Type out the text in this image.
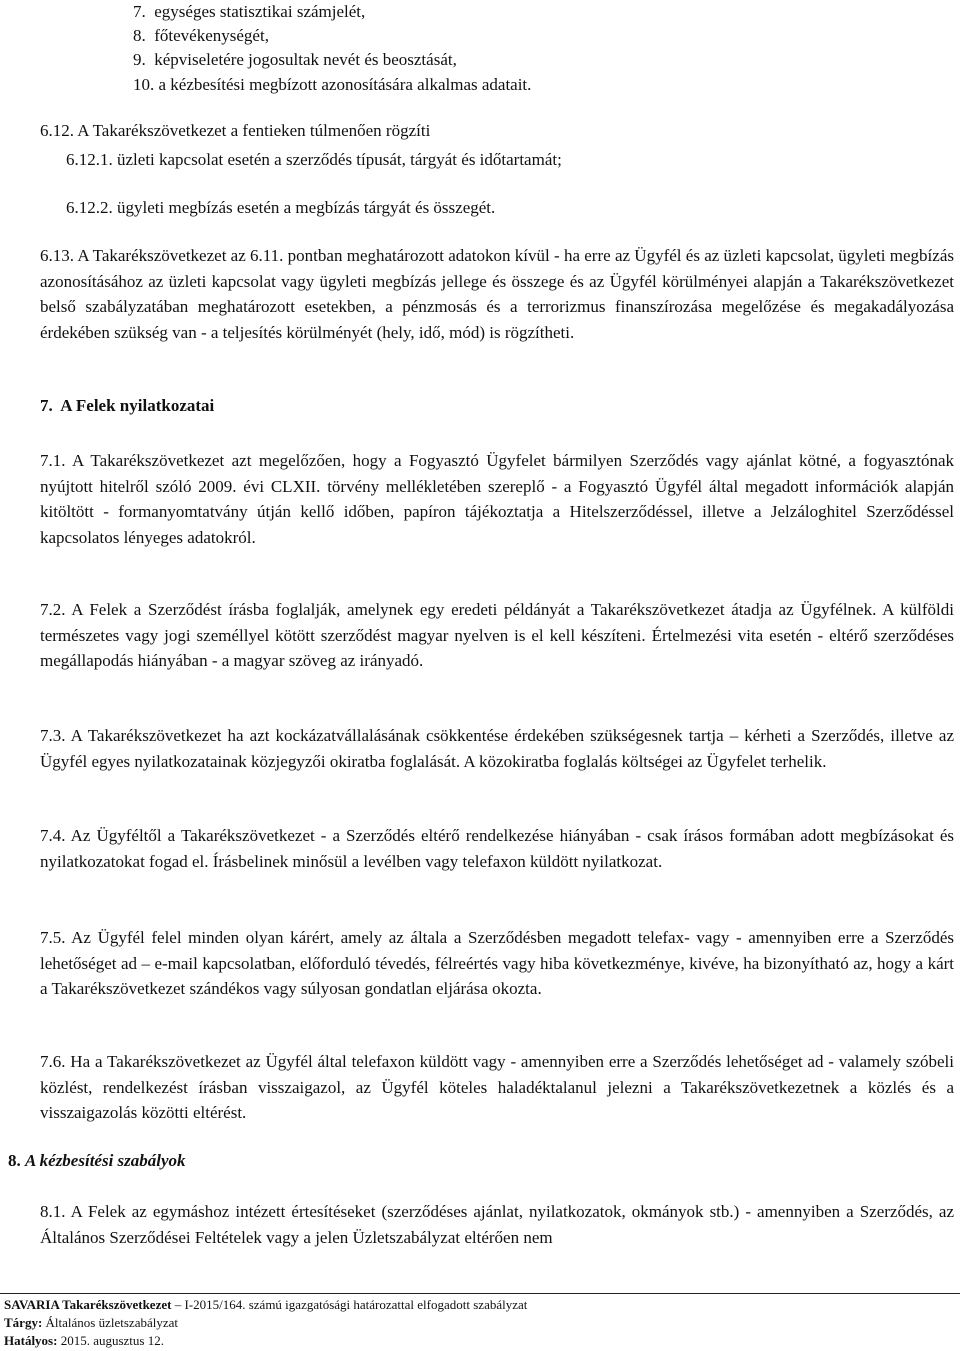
7.  egységes statisztikai számjelét,
8.  főtevékenységét,
9.  képviseletére jogosultak nevét és beosztását,
10. a kézbesítési megbízott azonosítására alkalmas adatait.
6.12. A Takarékszövetkezet a fentieken túlmenően rögzíti
6.12.1. üzleti kapcsolat esetén a szerződés típusát, tárgyát és időtartamát;
6.12.2. ügyleti megbízás esetén a megbízás tárgyát és összegét.
6.13. A Takarékszövetkezet az 6.11. pontban meghatározott adatokon kívül - ha erre az Ügyfél és az üzleti kapcsolat, ügyleti megbízás azonosításához az üzleti kapcsolat vagy ügyleti megbízás jellege és összege és az Ügyfél körülményei alapján a Takarékszövetkezet belső szabályzatában meghatározott esetekben, a pénzmosás és a terrorizmus finanszírozása megelőzése és megakadályozása érdekében szükség van - a teljesítés körülményét (hely, idő, mód) is rögzítheti.
7.  A Felek nyilatkozatai
7.1. A Takarékszövetkezet azt megelőzően, hogy a Fogyasztó Ügyfelet bármilyen Szerződés vagy ajánlat kötné, a fogyasztónak nyújtott hitelről szóló 2009. évi CLXII. törvény mellékletében szereplő - a Fogyasztó Ügyfél által megadott információk alapján kitöltött - formanyomtatvány útján kellő időben, papíron tájékoztatja a Hitelszerződéssel, illetve a Jelzáloghitel Szerződéssel kapcsolatos lényeges adatokról.
7.2. A Felek a Szerződést írásba foglalják, amelynek egy eredeti példányát a Takarékszövetkezet átadja az Ügyfélnek. A külföldi természetes vagy jogi személlyel kötött szerződést magyar nyelven is el kell készíteni. Értelmezési vita esetén - eltérő szerződéses megállapodás hiányában - a magyar szöveg az irányadó.
7.3. A Takarékszövetkezet ha azt kockázatvállalásának csökkentése érdekében szükségesnek tartja – kérheti a Szerződés, illetve az Ügyfél egyes nyilatkozatainak közjegyzői okiratba foglalását. A közokiratba foglalás költségei az Ügyfelet terhelik.
7.4. Az Ügyféltől a Takarékszövetkezet - a Szerződés eltérő rendelkezése hiányában - csak írásos formában adott megbízásokat és nyilatkozatokat fogad el. Írásbelinek minősül a levélben vagy telefaxon küldött nyilatkozat.
7.5. Az Ügyfél felel minden olyan kárért, amely az általa a Szerződésben megadott telefax- vagy - amennyiben erre a Szerződés lehetőséget ad – e-mail kapcsolatban, előforduló tévedés, félreértés vagy hiba következménye, kivéve, ha bizonyítható az, hogy a kárt a Takarékszövetkezet szándékos vagy súlyosan gondatlan eljárása okozta.
7.6. Ha a Takarékszövetkezet az Ügyfél által telefaxon küldött vagy - amennyiben erre a Szerződés lehetőséget ad - valamely szóbeli közlést, rendelkezést írásban visszaigazol, az Ügyfél köteles haladéktalanul jelezni a Takarékszövetkezetnek a közlés és a visszaigazolás közötti eltérést.
8. A kézbesítési szabályok
8.1. A Felek az egymáshoz intézett értesítéseket (szerződéses ajánlat, nyilatkozatok, okmányok stb.) - amennyiben a Szerződés, az Általános Szerződései Feltételek vagy a jelen Üzletszabályzat eltérően nem
SAVARIA Takarékszövetkezet – I-2015/164. számú igazgatósági határozattal elfogadott szabályzat
Tárgy: Általános üzletszabályzat
Hatályos: 2015. augusztus 12.
